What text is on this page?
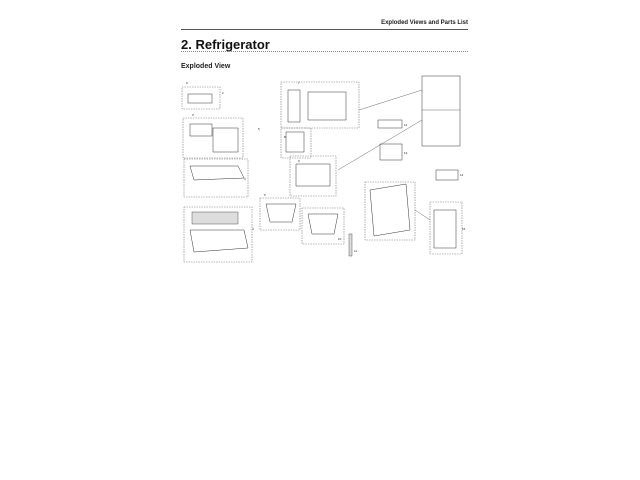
Exploded Views and Parts List
2. Refrigerator
Exploded View
0
2
0
3
4
5
6
7
8
9
10
11
12
13
14
15
